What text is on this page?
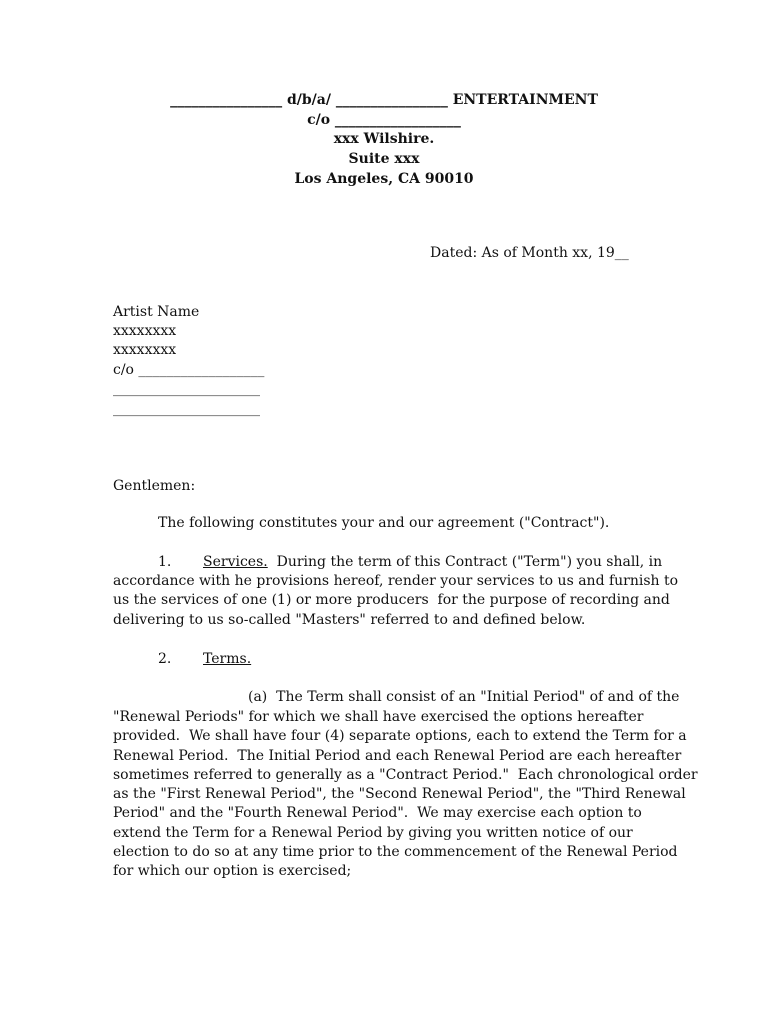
________________ d/b/a/ ________________ ENTERTAINMENT
c/o __________________
xxx Wilshire.
Suite xxx
Los Angeles, CA 90010
Dated: As of Month xx, 19__
Artist Name
xxxxxxxx
xxxxxxxx
c/o __________________
_____________________
_____________________
Gentlemen:
The following constitutes your and our agreement ("Contract").
1. Services.  During the term of this Contract ("Term") you shall, in
accordance with he provisions hereof, render your services to us and furnish to
us the services of one (1) or more producers  for the purpose of recording and
delivering to us so-called "Masters" referred to and defined below.
2. Terms.
(a)  The Term shall consist of an "Initial Period" of and of the
"Renewal Periods" for which we shall have exercised the options hereafter
provided.  We shall have four (4) separate options, each to extend the Term for a
Renewal Period.  The Initial Period and each Renewal Period are each hereafter
sometimes referred to generally as a "Contract Period."  Each chronological order
as the "First Renewal Period", the "Second Renewal Period", the "Third Renewal
Period" and the "Fourth Renewal Period".  We may exercise each option to
extend the Term for a Renewal Period by giving you written notice of our
election to do so at any time prior to the commencement of the Renewal Period
for which our option is exercised;
